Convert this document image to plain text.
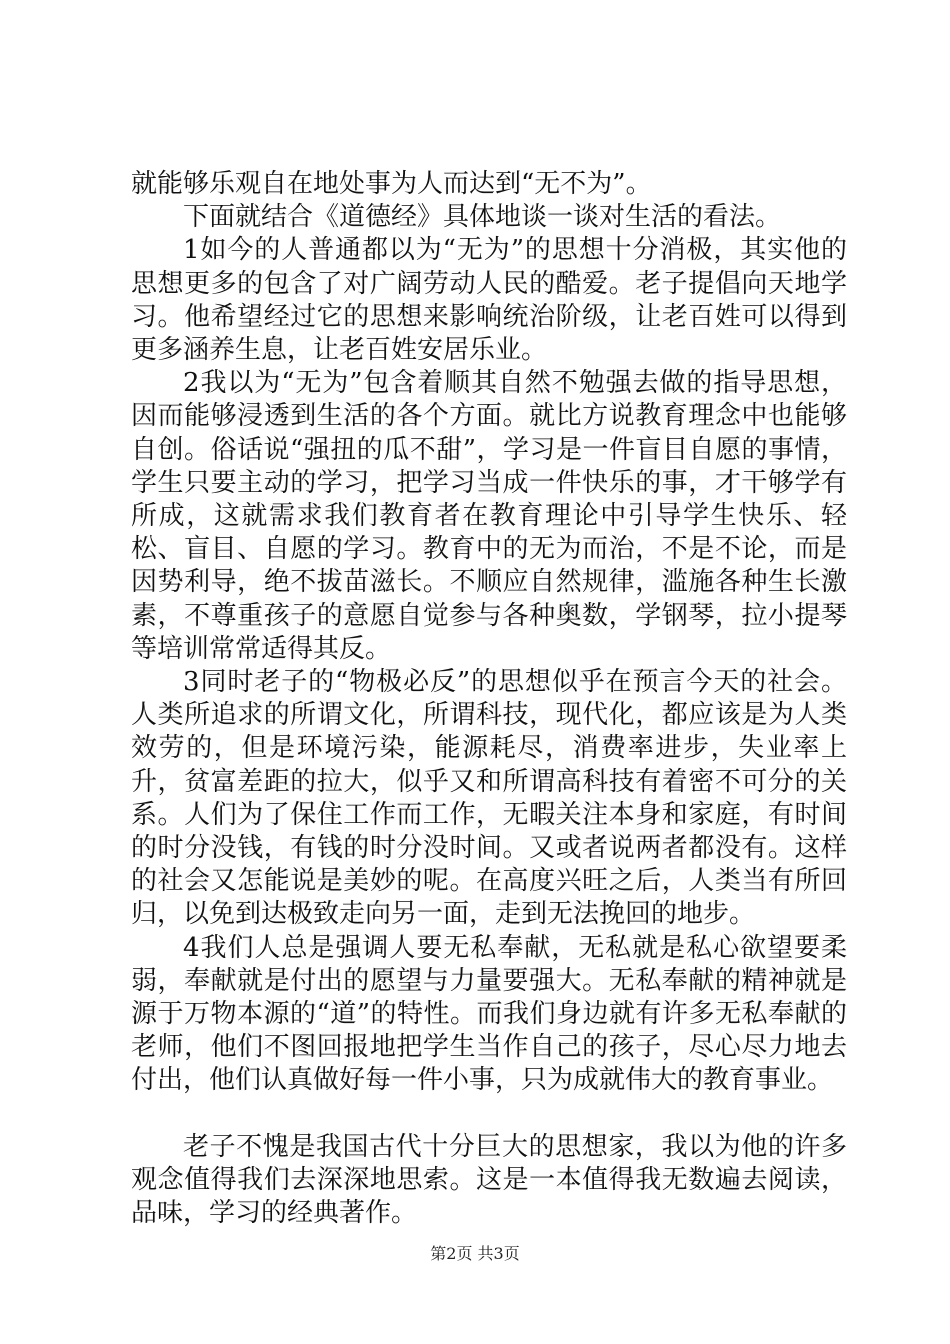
就能够乐观自在地处事为人而达到“无不为”。

下面就结合《道德经》具体地谈一谈对生活的看法。

1如今的人普通都以为“无为”的思想十分消极，其实他的思想更多的包含了对广阔劳动人民的酷爱。老子提倡向天地学习。他希望经过它的思想来影响统治阶级，让老百姓可以得到更多涵养生息，让老百姓安居乐业。

2我以为“无为”包含着顺其自然不勉强去做的指导思想，因而能够浸透到生活的各个方面。就比方说教育理念中也能够自创。俗话说“强扭的瓜不甜”，学习是一件盲目自愿的事情，学生只要主动的学习，把学习当成一件快乐的事，才干够学有所成，这就需求我们教育者在教育理论中引导学生快乐、轻松、盲目、自愿的学习。教育中的无为而治，不是不论，而是因势利导，绝不拔苗滋长。不顺应自然规律，滥施各种生长激素，不尊重孩子的意愿自觉参与各种奥数，学钢琴，拉小提琴等培训常常适得其反。

3同时老子的“物极必反”的思想似乎在预言今天的社会。人类所追求的所谓文化，所谓科技，现代化，都应该是为人类效劳的，但是环境污染，能源耗尽，消费率进步，失业率上升，贫富差距的拉大，似乎又和所谓高科技有着密不可分的关系。人们为了保住工作而工作，无暇关注本身和家庭，有时间的时分没钱，有钱的时分没时间。又或者说两者都没有。这样的社会又怎能说是美妙的呢。在高度兴旺之后，人类当有所回归，以免到达极致走向另一面，走到无法挽回的地步。

4我们人总是强调人要无私奉献，无私就是私心欲望要柔弱，奉献就是付出的愿望与力量要强大。无私奉献的精神就是源于万物本源的“道”的特性。而我们身边就有许多无私奉献的老师，他们不图回报地把学生当作自己的孩子，尽心尽力地去付出，他们认真做好每一件小事，只为成就伟大的教育事业。

老子不愧是我国古代十分巨大的思想家，我以为他的许多观念值得我们去深深地思索。这是一本值得我无数遍去阅读，品味，学习的经典著作。

第2页 共3页
